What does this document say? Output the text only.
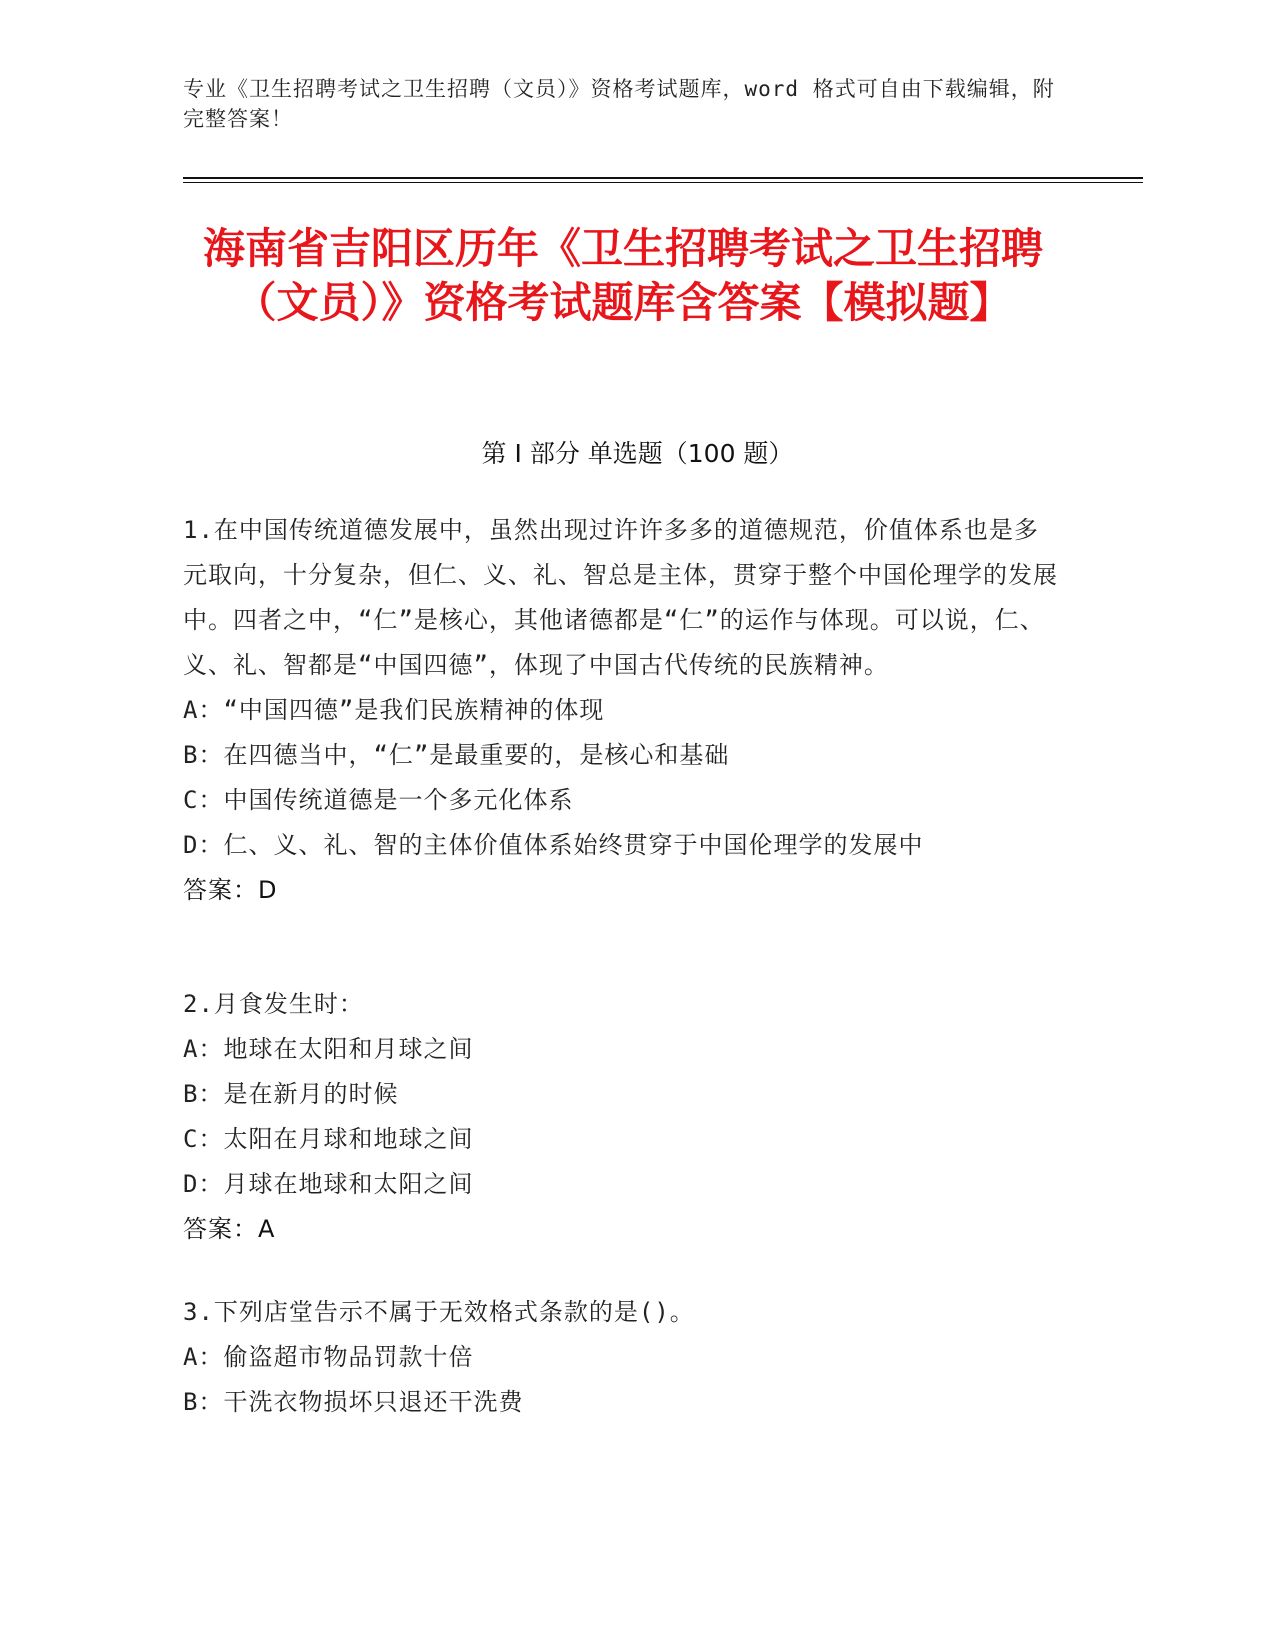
专业《卫生招聘考试之卫生招聘（文员）》资格考试题库，word 格式可自由下载编辑，附完整答案！
海南省吉阳区历年《卫生招聘考试之卫生招聘（文员）》资格考试题库含答案【模拟题】
第 I 部分 单选题（100 题）
1.在中国传统道德发展中，虽然出现过许许多多的道德规范，价值体系也是多元取向，十分复杂，但仁、义、礼、智总是主体，贯穿于整个中国伦理学的发展中。四者之中，“仁”是核心，其他诸德都是“仁”的运作与体现。可以说，仁、义、礼、智都是“中国四德”，体现了中国古代传统的民族精神。
A：“中国四德”是我们民族精神的体现
B：在四德当中，“仁”是最重要的，是核心和基础
C：中国传统道德是一个多元化体系
D：仁、义、礼、智的主体价值体系始终贯穿于中国伦理学的发展中
答案：D
2.月食发生时：
A：地球在太阳和月球之间
B：是在新月的时候
C：太阳在月球和地球之间
D：月球在地球和太阳之间
答案：A
3.下列店堂告示不属于无效格式条款的是()。
A：偷盗超市物品罚款十倍
B：干洗衣物损坏只退还干洗费
